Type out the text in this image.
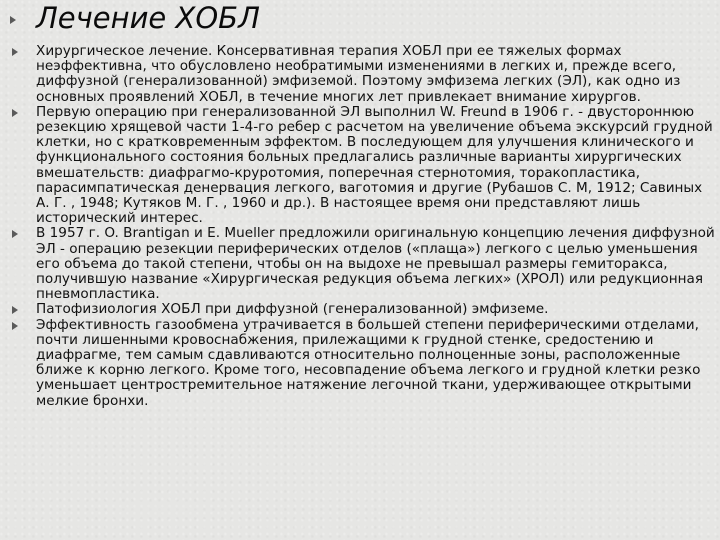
Лечение ХОБЛ
Хирургическое лечение. Консервативная терапия ХОБЛ при ее тяжелых формах неэффективна, что обусловлено необратимыми изменениями в легких и, прежде всего, диффузной (генерализованной) эмфиземой. Поэтому эмфизема легких (ЭЛ), как одно из основных проявлений ХОБЛ, в течение многих лет привлекает внимание хирургов.
Первую операцию при генерализованной ЭЛ выполнил W. Freund в 1906 г. - двустороннюю резекцию хрящевой части 1-4-го ребер с расчетом на увеличение объема экскурсий грудной клетки, но с кратковременным эффектом. В последующем для улучшения клинического и функционального состояния больных предлагались различные варианты хирургических вмешательств: диафрагмо-круротомия, поперечная стернотомия, торакопластика, парасимпатическая денервация легкого, ваготомия и другие (Рубашов С. М, 1912; Савиных А. Г. , 1948; Кутяков М. Г. , 1960 и др.). В настоящее время они представляют лишь исторический интерес.
В 1957 г. O. Brantigan и E. Mueller предложили оригинальную концепцию лечения диффузной ЭЛ - операцию резекции периферических отделов («плаща») легкого с целью уменьшения его объема до такой степени, чтобы он на выдохе не превышал размеры гемиторакса, получившую название «Хирургическая редукция объема легких» (ХРОЛ) или редукционная пневмопластика.
Патофизиология ХОБЛ при диффузной (генерализованной) эмфиземе.
Эффективность газообмена утрачивается в большей степени периферическими отделами, почти лишенными кровоснабжения, прилежащими к грудной стенке, средостению и диафрагме, тем самым сдавливаются относительно полноценные зоны, расположенные ближе к корню легкого. Кроме того, несовпадение объема легкого и грудной клетки резко уменьшает центростремительное натяжение легочной ткани, удерживающее открытыми мелкие бронхи.
